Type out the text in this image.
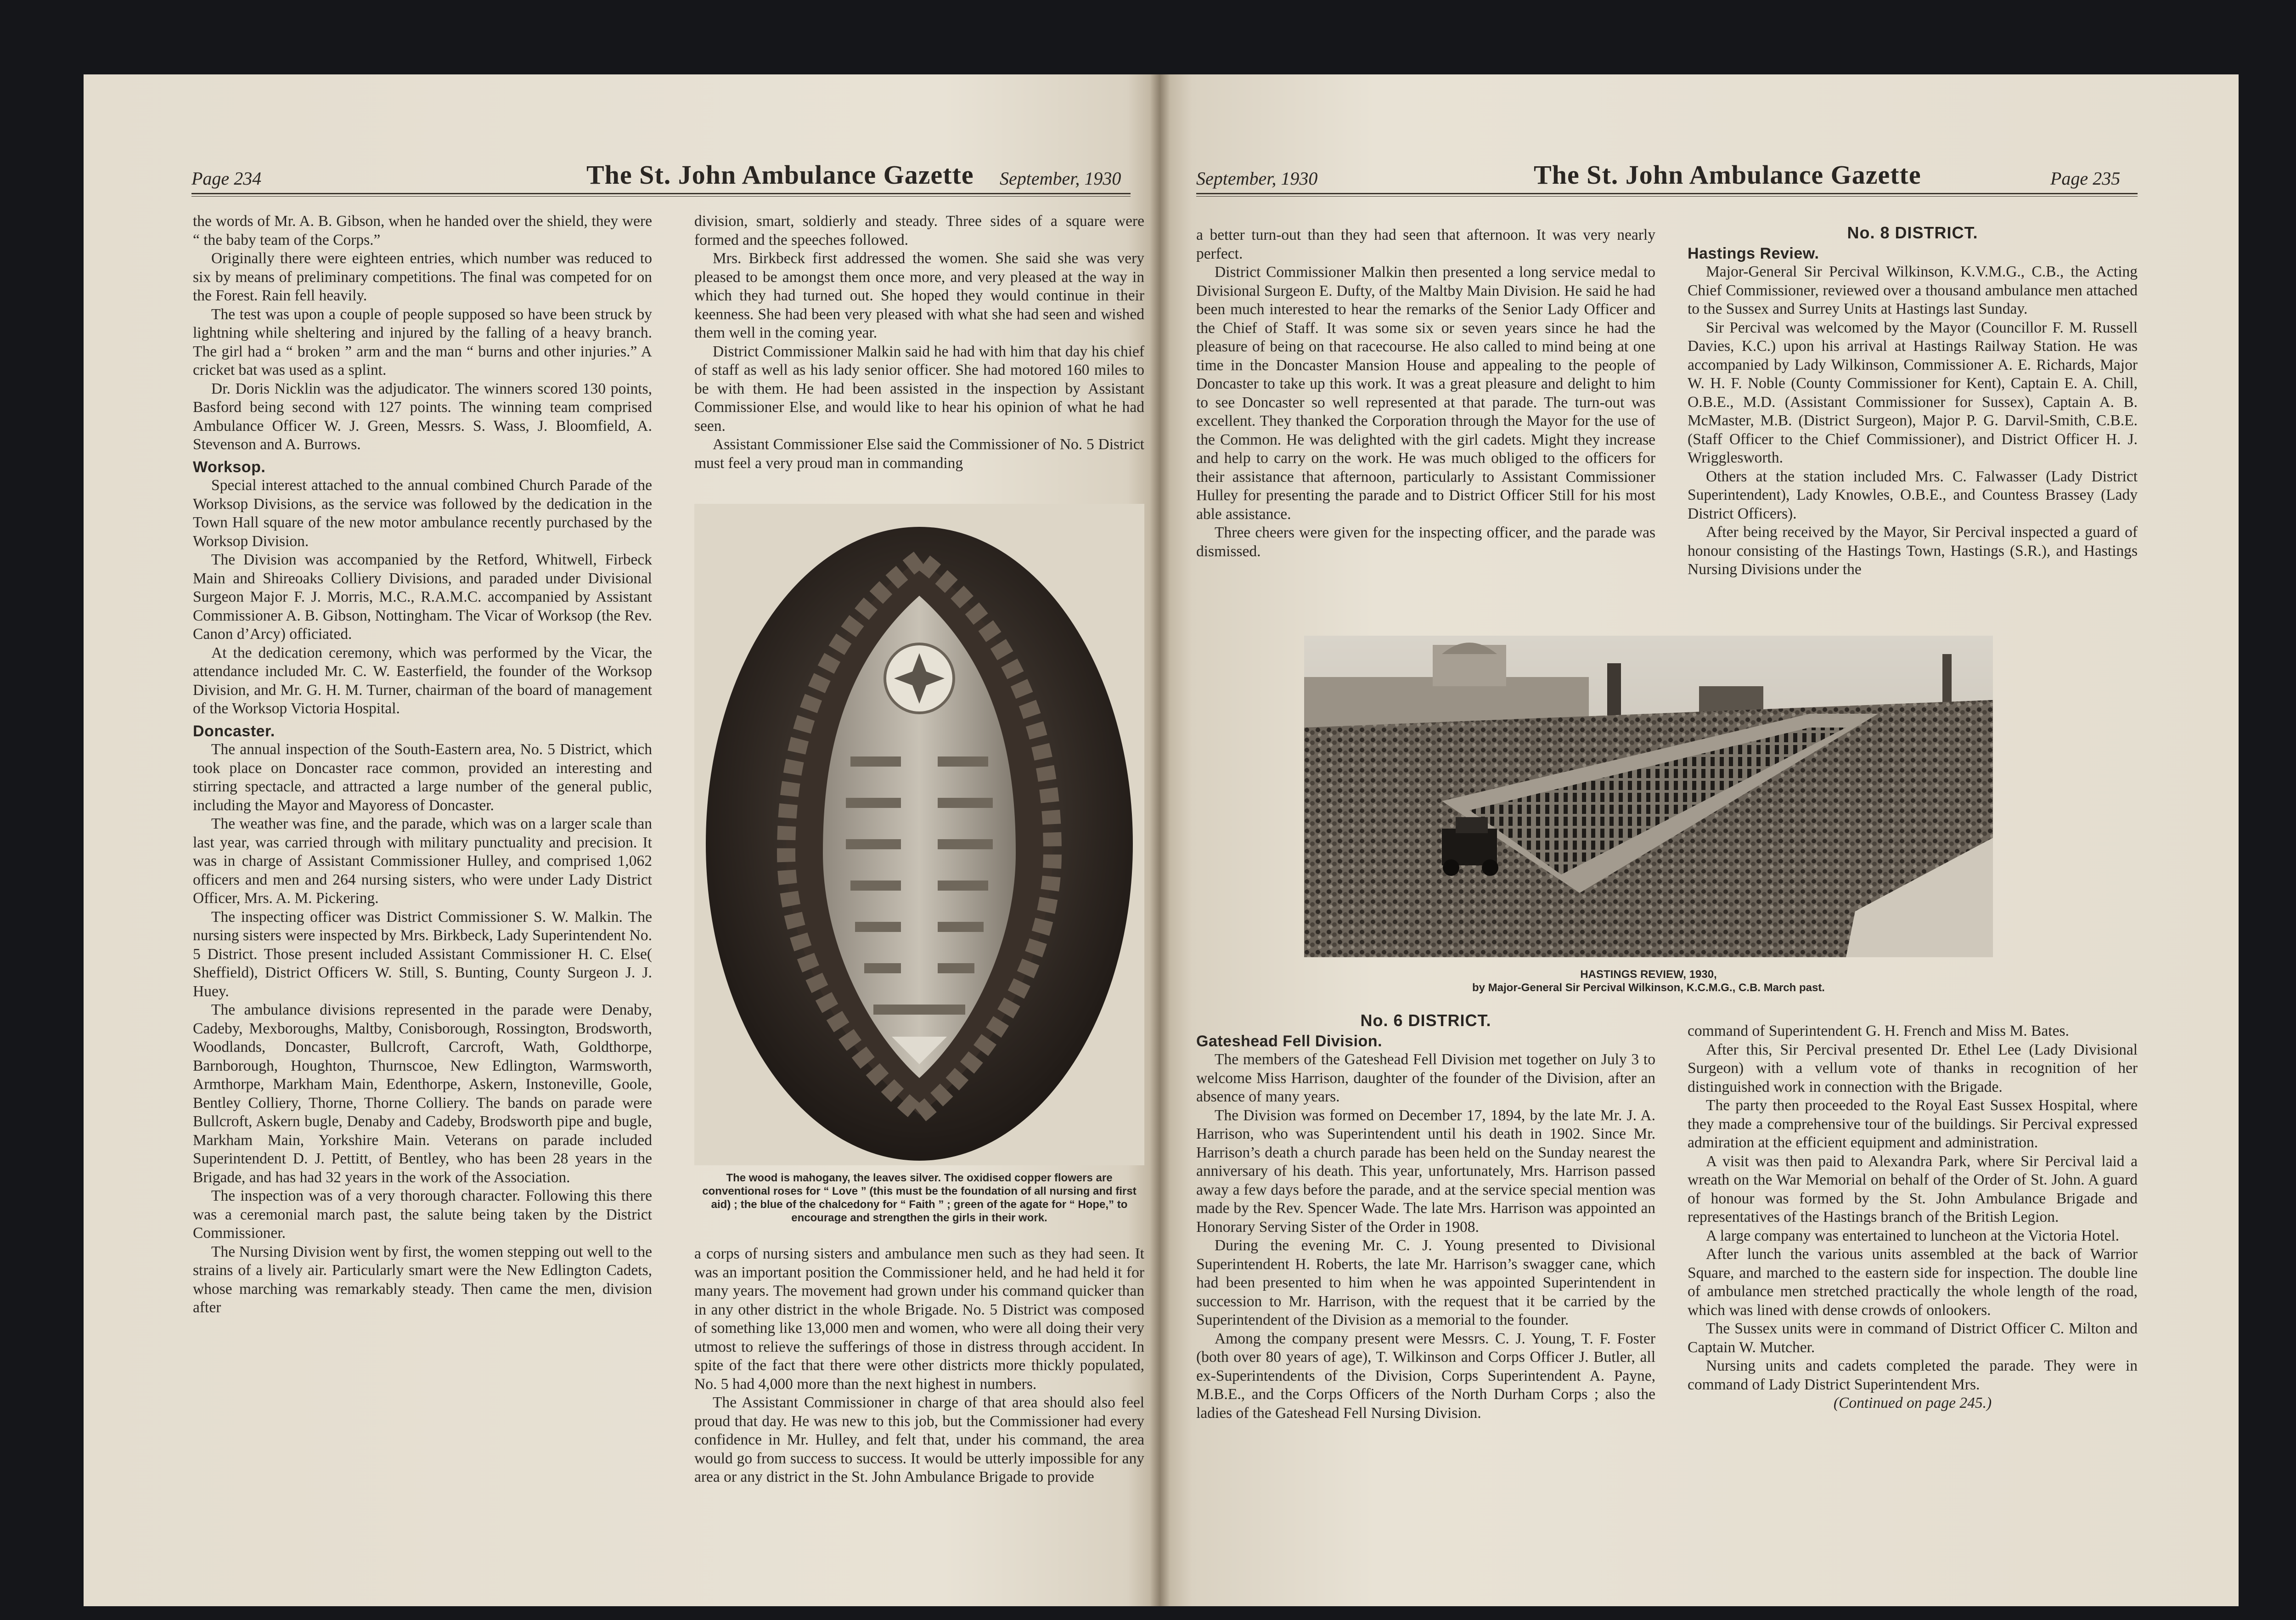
Page 234	The St. John Ambulance Gazette September, 1930

the words of Mr. A. B. Gibson, when he handed over the shield, they were “ the baby team of the Corps.”

Originally there were eighteen entries, which number was reduced to six by means of preliminary competitions. The final was competed for on the Forest. Rain fell heavily.

The test was upon a couple of people supposed so have been struck by lightning while sheltering and injured by the falling of a heavy branch. The girl had a “ broken ” arm and the man “ burns and other injuries.” A cricket bat was used as a splint.

Dr. Doris Nicklin was the adjudicator. The winners scored 130 points, Basford being second with 127 points. The winning team comprised Ambulance Officer W. J. Green, Messrs. S. Wass, J. Bloomfield, A. Stevenson and A. Burrows.

Worksop.

Special interest attached to the annual combined Church Parade of the Worksop Divisions, as the service was followed by the dedication in the Town Hall square of the new motor ambulance recently purchased by the Worksop Division.

The Division was accompanied by the Retford, Whitwell, Firbeck Main and Shireoaks Colliery Divisions, and paraded under Divisional Surgeon Major F. J. Morris, M.C., R.A.M.C. accompanied by Assistant Commissioner A. B. Gibson, Nottingham. The Vicar of Worksop (the Rev. Canon d’Arcy) officiated.

At the dedication ceremony, which was performed by the Vicar, the attendance included Mr. C. W. Easterfield, the founder of the Worksop Division, and Mr. G. H. M. Turner, chairman of the board of management of the Worksop Victoria Hospital.

Doncaster.

The annual inspection of the South-Eastern area, No. 5 District, which took place on Doncaster race common, provided an interesting and stirring spectacle, and attracted a large number of the general public, including the Mayor and Mayoress of Doncaster.

The weather was fine, and the parade, which was on a larger scale than last year, was carried through with military punctuality and precision. It was in charge of Assistant Commissioner Hulley, and comprised 1,062 officers and men and 264 nursing sisters, who were under Lady District Officer, Mrs. A. M. Pickering.

The inspecting officer was District Commissioner S. W. Malkin. The nursing sisters were inspected by Mrs. Birkbeck, Lady Superintendent No. 5 District. Those present included Assistant Commissioner H. C. Else( Sheffield), District Officers W. Still, S. Bunting, County Surgeon J. J. Huey.

The ambulance divisions represented in the parade were Denaby, Cadeby, Mexboroughs, Maltby, Conisborough, Rossington, Brodsworth, Woodlands, Doncaster, Bullcroft, Carcroft, Wath, Goldthorpe, Barnborough, Houghton, Thurnscoe, New Edlington, Warmsworth, Armthorpe, Markham Main, Edenthorpe, Askern, Instoneville, Goole, Bentley Colliery, Thorne, Thorne Colliery. The bands on parade were Bullcroft, Askern bugle, Denaby and Cadeby, Brodsworth pipe and bugle, Markham Main, Yorkshire Main. Veterans on parade included Superintendent D. J. Pettitt, of Bentley, who has been 28 years in the Brigade, and has had 32 years in the work of the Association.

The inspection was of a very thorough character. Following this there was a ceremonial march past, the salute being taken by the District Commissioner.

The Nursing Division went by first, the women stepping out well to the strains of a lively air. Particularly smart were the New Edlington Cadets, whose marching was remarkably steady. Then came the men, division after

division, smart, soldierly and steady. Three sides of a square were formed and the speeches followed.

Mrs. Birkbeck first addressed the women. She said she was very pleased to be amongst them once more, and very pleased at the way in which they had turned out. She hoped they would continue in their keenness. She had been very pleased with what she had seen and wished them well in the coming year.

District Commissioner Malkin said he had with him that day his chief of staff as well as his lady senior officer. She had motored 160 miles to be with them. He had been assisted in the inspection by Assistant Commissioner Else, and would like to hear his opinion of what he had seen.

Assistant Commissioner Else said the Commissioner of No. 5 District must feel a very proud man in commanding

The wood is mahogany, the leaves silver. The oxidised copper flowers are conventional roses for “ Love ” (this must be the foundation of all nursing and first aid) ; the blue of the chalcedony for “ Faith ” ; green of the agate for “ Hope,” to encourage and strengthen the girls in their work.

a corps of nursing sisters and ambulance men such as they had seen. It was an important position the Commissioner held, and he had held it for many years. The movement had grown under his command quicker than in any other district in the whole Brigade. No. 5 District was composed of something like 13,000 men and women, who were all doing their very utmost to relieve the sufferings of those in distress through accident. In spite of the fact that there were other districts more thickly populated, No. 5 had 4,000 more than the next highest in numbers.

The Assistant Commissioner in charge of that area should also feel proud that day. He was new to this job, but the Commissioner had every confidence in Mr. Hulley, and felt that, under his command, the area would go from success to success. It would be utterly impossible for any area or any district in the St. John Ambulance Brigade to provide

September, 1930	The St. John Ambulance Gazette	Page 235

a better turn-out than they had seen that afternoon. It was very nearly perfect.

District Commissioner Malkin then presented a long service medal to Divisional Surgeon E. Dufty, of the Maltby Main Division. He said he had been much interested to hear the remarks of the Senior Lady Officer and the Chief of Staff. It was some six or seven years since he had the pleasure of being on that racecourse. He also called to mind being at one time in the Doncaster Mansion House and appealing to the people of Doncaster to take up this work. It was a great pleasure and delight to him to see Doncaster so well represented at that parade. The turn-out was excellent. They thanked the Corporation through the Mayor for the use of the Common. He was delighted with the girl cadets. Might they increase and help to carry on the work. He was much obliged to the officers for their assistance that afternoon, particularly to Assistant Commissioner Hulley for presenting the parade and to District Officer Still for his most able assistance.

Three cheers were given for the inspecting officer, and the parade was dismissed.

No. 8 DISTRICT.
Hastings Review.

Major-General Sir Percival Wilkinson, K.V.M.G., C.B., the Acting Chief Commissioner, reviewed over a thousand ambulance men attached to the Sussex and Surrey Units at Hastings last Sunday.

Sir Percival was welcomed by the Mayor (Councillor F. M. Russell Davies, K.C.) upon his arrival at Hastings Railway Station. He was accompanied by Lady Wilkinson, Commissioner A. E. Richards, Major W. H. F. Noble (County Commissioner for Kent), Captain E. A. Chill, O.B.E., M.D. (Assistant Commissioner for Sussex), Captain A. B. McMaster, M.B. (District Surgeon), Major P. G. Darvil-Smith, C.B.E. (Staff Officer to the Chief Commissioner), and District Officer H. J. Wrigglesworth.

Others at the station included Mrs. C. Falwasser (Lady District Superintendent), Lady Knowles, O.B.E., and Countess Brassey (Lady District Officers).

After being received by the Mayor, Sir Percival inspected a guard of honour consisting of the Hastings Town, Hastings (S.R.), and Hastings Nursing Divisions under the

HASTINGS REVIEW, 1930,
by Major-General Sir Percival Wilkinson, K.C.M.G., C.B. March past.
No. 6 DISTRICT.
Gateshead Fell Division.

The members of the Gateshead Fell Division met together on July 3 to welcome Miss Harrison, daughter of the founder of the Division, after an absence of many years.

The Division was formed on December 17, 1894, by the late Mr. J. A. Harrison, who was Superintendent until his death in 1902. Since Mr. Harrison’s death a church parade has been held on the Sunday nearest the anniversary of his death. This year, unfortunately, Mrs. Harrison passed away a few days before the parade, and at the service special mention was made by the Rev. Spencer Wade. The late Mrs. Harrison was appointed an Honorary Serving Sister of the Order in 1908.

During the evening Mr. C. J. Young presented to Divisional Superintendent H. Roberts, the late Mr. Harrison’s swagger cane, which had been presented to him when he was appointed Superintendent in succession to Mr. Harrison, with the request that it be carried by the Superintendent of the Division as a memorial to the founder.

Among the company present were Messrs. C. J. Young, T. F. Foster (both over 80 years of age), T. Wilkinson and Corps Officer J. Butler, all ex-Superintendents of the Division, Corps Superintendent A. Payne, M.B.E., and the Corps Officers of the North Durham Corps ; also the ladies of the Gateshead Fell Nursing Division.

command of Superintendent G. H. French and Miss M. Bates.

After this, Sir Percival presented Dr. Ethel Lee (Lady Divisional Surgeon) with a vellum vote of thanks in recognition of her distinguished work in connection with the Brigade.

The party then proceeded to the Royal East Sussex Hospital, where they made a comprehensive tour of the buildings. Sir Percival expressed admiration at the efficient equipment and administration.

A visit was then paid to Alexandra Park, where Sir Percival laid a wreath on the War Memorial on behalf of the Order of St. John. A guard of honour was formed by the St. John Ambulance Brigade and representatives of the Hastings branch of the British Legion.

A large company was entertained to luncheon at the Victoria Hotel.

After lunch the various units assembled at the back of Warrior Square, and marched to the eastern side for inspection. The double line of ambulance men stretched practically the whole length of the road, which was lined with dense crowds of onlookers.

The Sussex units were in command of District Officer C. Milton and Captain W. Mutcher.

Nursing units and cadets completed the parade. They were in command of Lady District Superintendent Mrs.

(Continued on page 245.)
